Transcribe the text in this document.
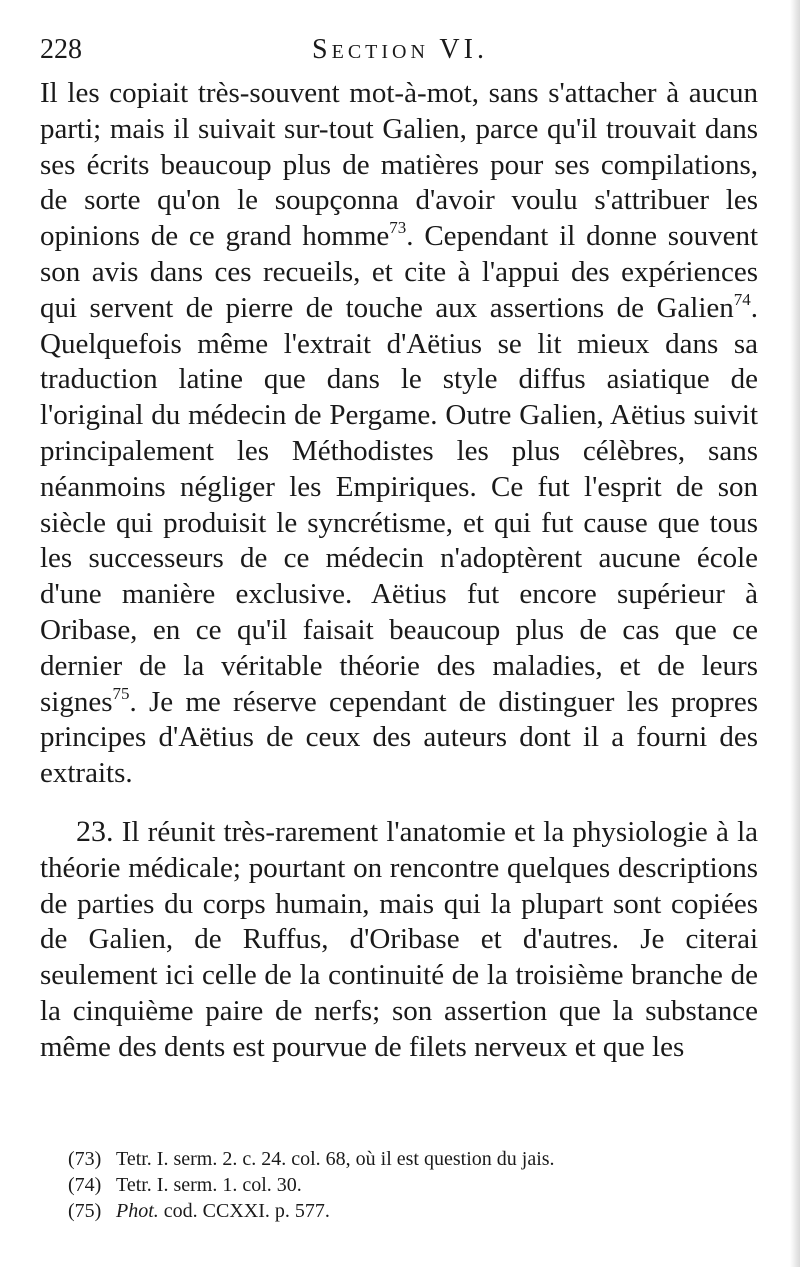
228	Section VI.

Il les copiait très-souvent mot-à-mot, sans s'attacher à aucun parti; mais il suivait sur-tout Galien, parce qu'il trouvait dans ses écrits beaucoup plus de matières pour ses compilations, de sorte qu'on le soupçonna d'avoir voulu s'attribuer les opinions de ce grand homme$^{73}$. Cependant il donne souvent son avis dans ces recueils, et cite à l'appui des expériences qui servent de pierre de touche aux assertions de Galien$^{74}$. Quelquefois même l'extrait d'Aëtius se lit mieux dans sa traduction latine que dans le style diffus asiatique de l'original du médecin de Pergame. Outre Galien, Aëtius suivit principalement les Méthodistes les plus célèbres, sans néanmoins négliger les Empiriques. Ce fut l'esprit de son siècle qui produisit le syncrétisme, et qui fut cause que tous les successeurs de ce médecin n'adoptèrent aucune école d'une manière exclusive. Aëtius fut encore supérieur à Oribase, en ce qu'il faisait beaucoup plus de cas que ce dernier de la véritable théorie des maladies, et de leurs signes$^{75}$. Je me réserve cependant de distinguer les propres principes d'Aëtius de ceux des auteurs dont il a fourni des extraits.

23. Il réunit très-rarement l'anatomie et la physiologie à la théorie médicale; pourtant on rencontre quelques descriptions de parties du corps humain, mais qui la plupart sont copiées de Galien, de Ruffus, d'Oribase et d'autres. Je citerai seulement ici celle de la continuité de la troisième branche de la cinquième paire de nerfs; son assertion que la substance même des dents est pourvue de filets nerveux et que les

(73) Tetr. I. serm. 2. c. 24. col. 68, où il est question du jais.
(74) Tetr. I. serm. 1. col. 30.
(75) Phot. cod. CCXXI. p. 577.
